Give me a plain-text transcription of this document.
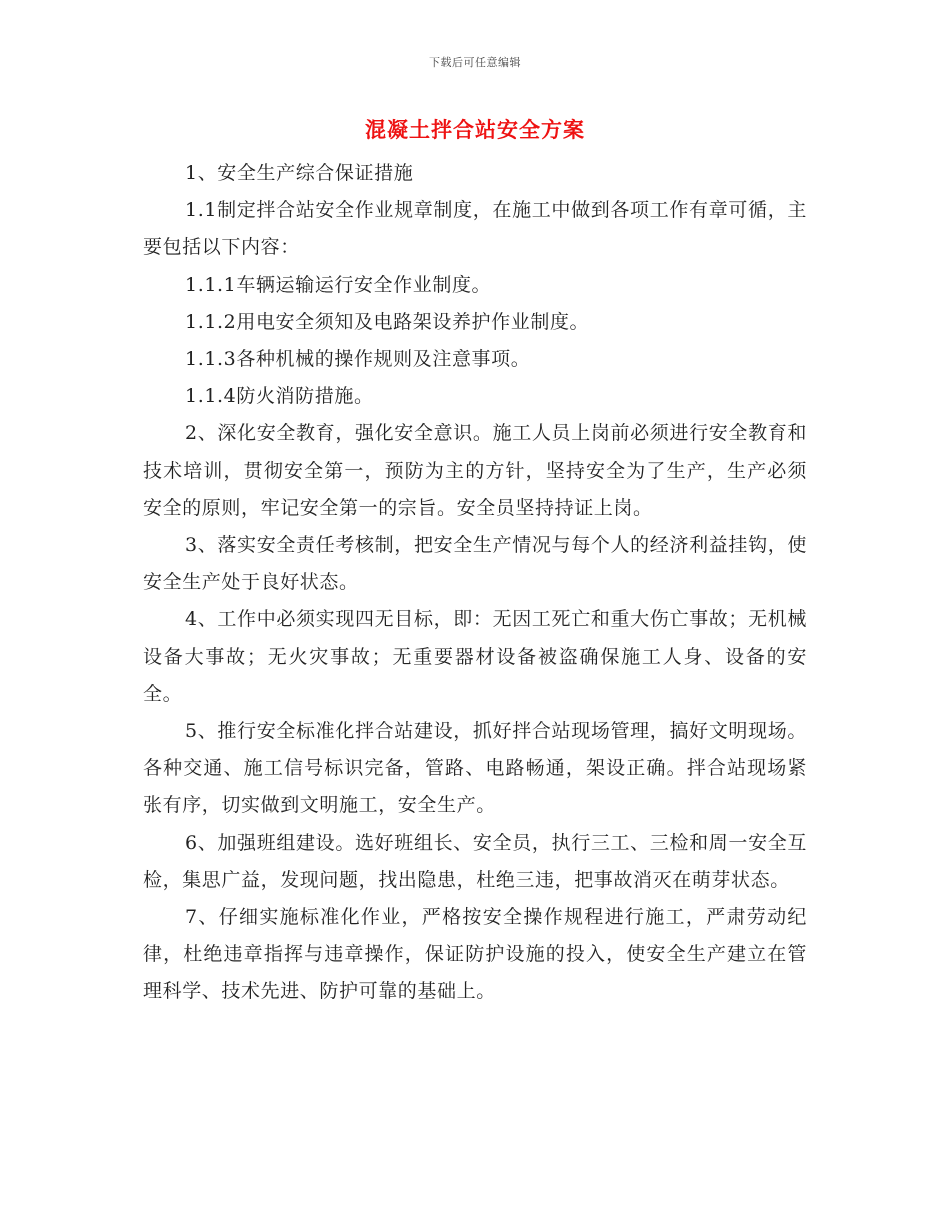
下载后可任意编辑
混凝土拌合站安全方案

1、安全生产综合保证措施

1.1制定拌合站安全作业规章制度，在施工中做到各项工作有章可循，主要包括以下内容：

1.1.1车辆运输运行安全作业制度。

1.1.2用电安全须知及电路架设养护作业制度。

1.1.3各种机械的操作规则及注意事项。

1.1.4防火消防措施。

2、深化安全教育，强化安全意识。施工人员上岗前必须进行安全教育和技术培训，贯彻安全第一，预防为主的方针，坚持安全为了生产，生产必须安全的原则，牢记安全第一的宗旨。安全员坚持持证上岗。

3、落实安全责任考核制，把安全生产情况与每个人的经济利益挂钩，使安全生产处于良好状态。

4、工作中必须实现四无目标，即：无因工死亡和重大伤亡事故；无机械设备大事故；无火灾事故；无重要器材设备被盗确保施工人身、设备的安全。

5、推行安全标准化拌合站建设，抓好拌合站现场管理，搞好文明现场。各种交通、施工信号标识完备，管路、电路畅通，架设正确。拌合站现场紧张有序，切实做到文明施工，安全生产。

6、加强班组建设。选好班组长、安全员，执行三工、三检和周一安全互检，集思广益，发现问题，找出隐患，杜绝三违，把事故消灭在萌芽状态。

7、仔细实施标准化作业，严格按安全操作规程进行施工，严肃劳动纪律，杜绝违章指挥与违章操作，保证防护设施的投入，使安全生产建立在管理科学、技术先进、防护可靠的基础上。
